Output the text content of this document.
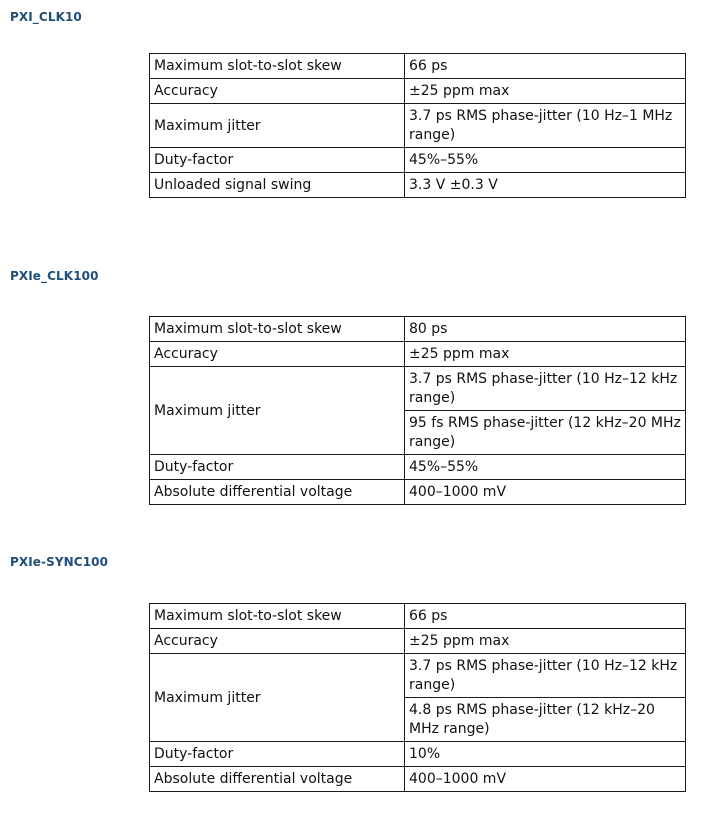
PXI_CLK10
Maximum slot-to-slot skew	66 ps
Accuracy	±25 ppm max
Maximum jitter	3.7 ps RMS phase-jitter (10 Hz–1 MHz range)
Duty-factor	45%–55%
Unloaded signal swing	3.3 V ±0.3 V
PXIe_CLK100
Maximum slot-to-slot skew	80 ps
Accuracy	±25 ppm max
Maximum jitter	3.7 ps RMS phase-jitter (10 Hz–12 kHz range)
	95 fs RMS phase-jitter (12 kHz–20 MHz range)
Duty-factor	45%–55%
Absolute differential voltage	400–1000 mV
PXIe-SYNC100
Maximum slot-to-slot skew	66 ps
Accuracy	±25 ppm max
Maximum jitter	3.7 ps RMS phase-jitter (10 Hz–12 kHz range)
	4.8 ps RMS phase-jitter (12 kHz–20 MHz range)
Duty-factor	10%
Absolute differential voltage	400–1000 mV
